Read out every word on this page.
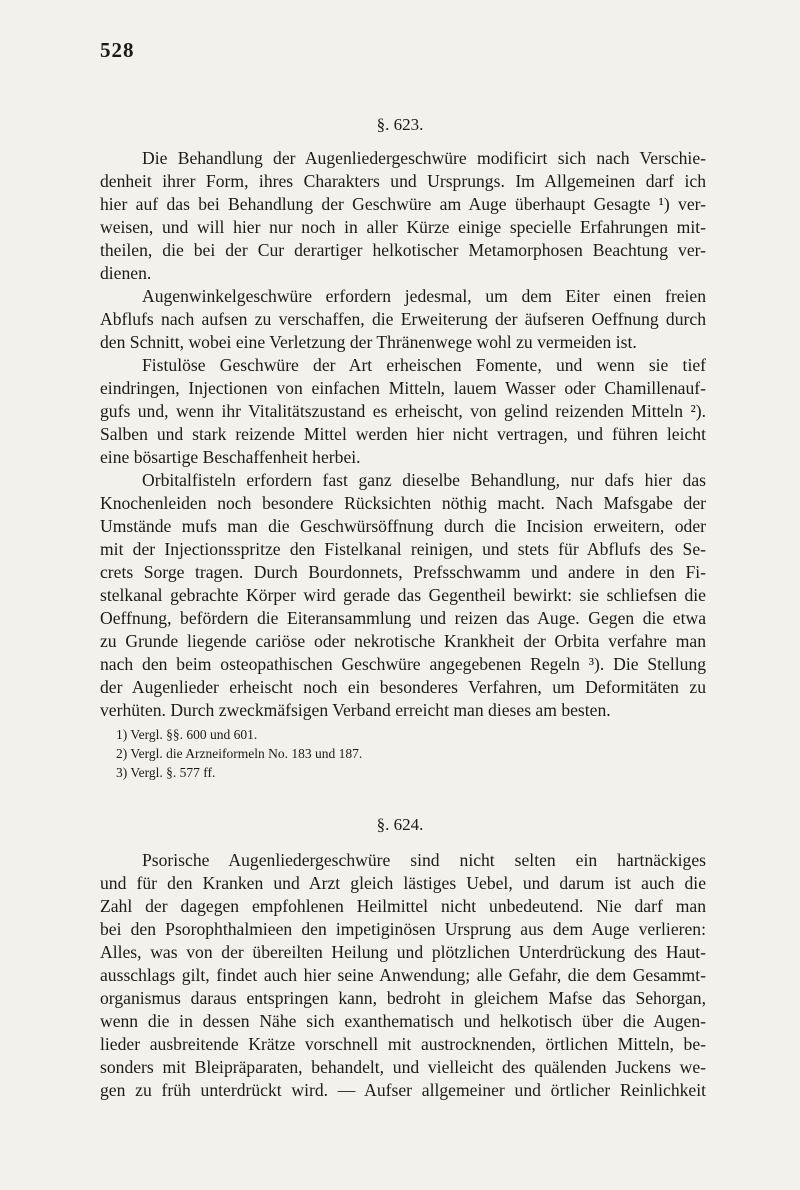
528
§. 623.
Die Behandlung der Augenliedergeschwüre modificirt sich nach Verschie-
denheit ihrer Form, ihres Charakters und Ursprungs. Im Allgemeinen darf ich
hier auf das bei Behandlung der Geschwüre am Auge überhaupt Gesagte ¹) ver-
weisen, und will hier nur noch in aller Kürze einige specielle Erfahrungen mit-
theilen, die bei der Cur derartiger helkotischer Metamorphosen Beachtung ver-
dienen.
Augenwinkelgeschwüre erfordern jedesmal, um dem Eiter einen freien
Abflufs nach aufsen zu verschaffen, die Erweiterung der äufseren Oeffnung durch
den Schnitt, wobei eine Verletzung der Thränenwege wohl zu vermeiden ist.
Fistulöse Geschwüre der Art erheischen Fomente, und wenn sie tief
eindringen, Injectionen von einfachen Mitteln, lauem Wasser oder Chamillenauf-
gufs und, wenn ihr Vitalitätszustand es erheischt, von gelind reizenden Mitteln ²).
Salben und stark reizende Mittel werden hier nicht vertragen, und führen leicht
eine bösartige Beschaffenheit herbei.
Orbitalfisteln erfordern fast ganz dieselbe Behandlung, nur dafs hier das
Knochenleiden noch besondere Rücksichten nöthig macht. Nach Mafsgabe der
Umstände mufs man die Geschwürsöffnung durch die Incision erweitern, oder
mit der Injectionsspritze den Fistelkanal reinigen, und stets für Abflufs des Se-
crets Sorge tragen. Durch Bourdonnets, Prefsschwamm und andere in den Fi-
stelkanal gebrachte Körper wird gerade das Gegentheil bewirkt: sie schliefsen die
Oeffnung, befördern die Eiteransammlung und reizen das Auge. Gegen die etwa
zu Grunde liegende cariöse oder nekrotische Krankheit der Orbita verfahre man
nach den beim osteopathischen Geschwüre angegebenen Regeln ³). Die Stellung
der Augenlieder erheischt noch ein besonderes Verfahren, um Deformitäten zu
verhüten. Durch zweckmäfsigen Verband erreicht man dieses am besten.
1) Vergl. §§. 600 und 601.
2) Vergl. die Arzneiformeln No. 183 und 187.
3) Vergl. §. 577 ff.
§. 624.
Psorische Augenliedergeschwüre sind nicht selten ein hartnäckiges
und für den Kranken und Arzt gleich lästiges Uebel, und darum ist auch die
Zahl der dagegen empfohlenen Heilmittel nicht unbedeutend. Nie darf man
bei den Psorophthalmieen den impetiginösen Ursprung aus dem Auge verlieren:
Alles, was von der übereilten Heilung und plötzlichen Unterdrückung des Haut-
ausschlags gilt, findet auch hier seine Anwendung; alle Gefahr, die dem Gesammt-
organismus daraus entspringen kann, bedroht in gleichem Mafse das Sehorgan,
wenn die in dessen Nähe sich exanthematisch und helkotisch über die Augen-
lieder ausbreitende Krätze vorschnell mit austrocknenden, örtlichen Mitteln, be-
sonders mit Bleipräparaten, behandelt, und vielleicht des quälenden Juckens we-
gen zu früh unterdrückt wird. — Aufser allgemeiner und örtlicher Reinlichkeit
